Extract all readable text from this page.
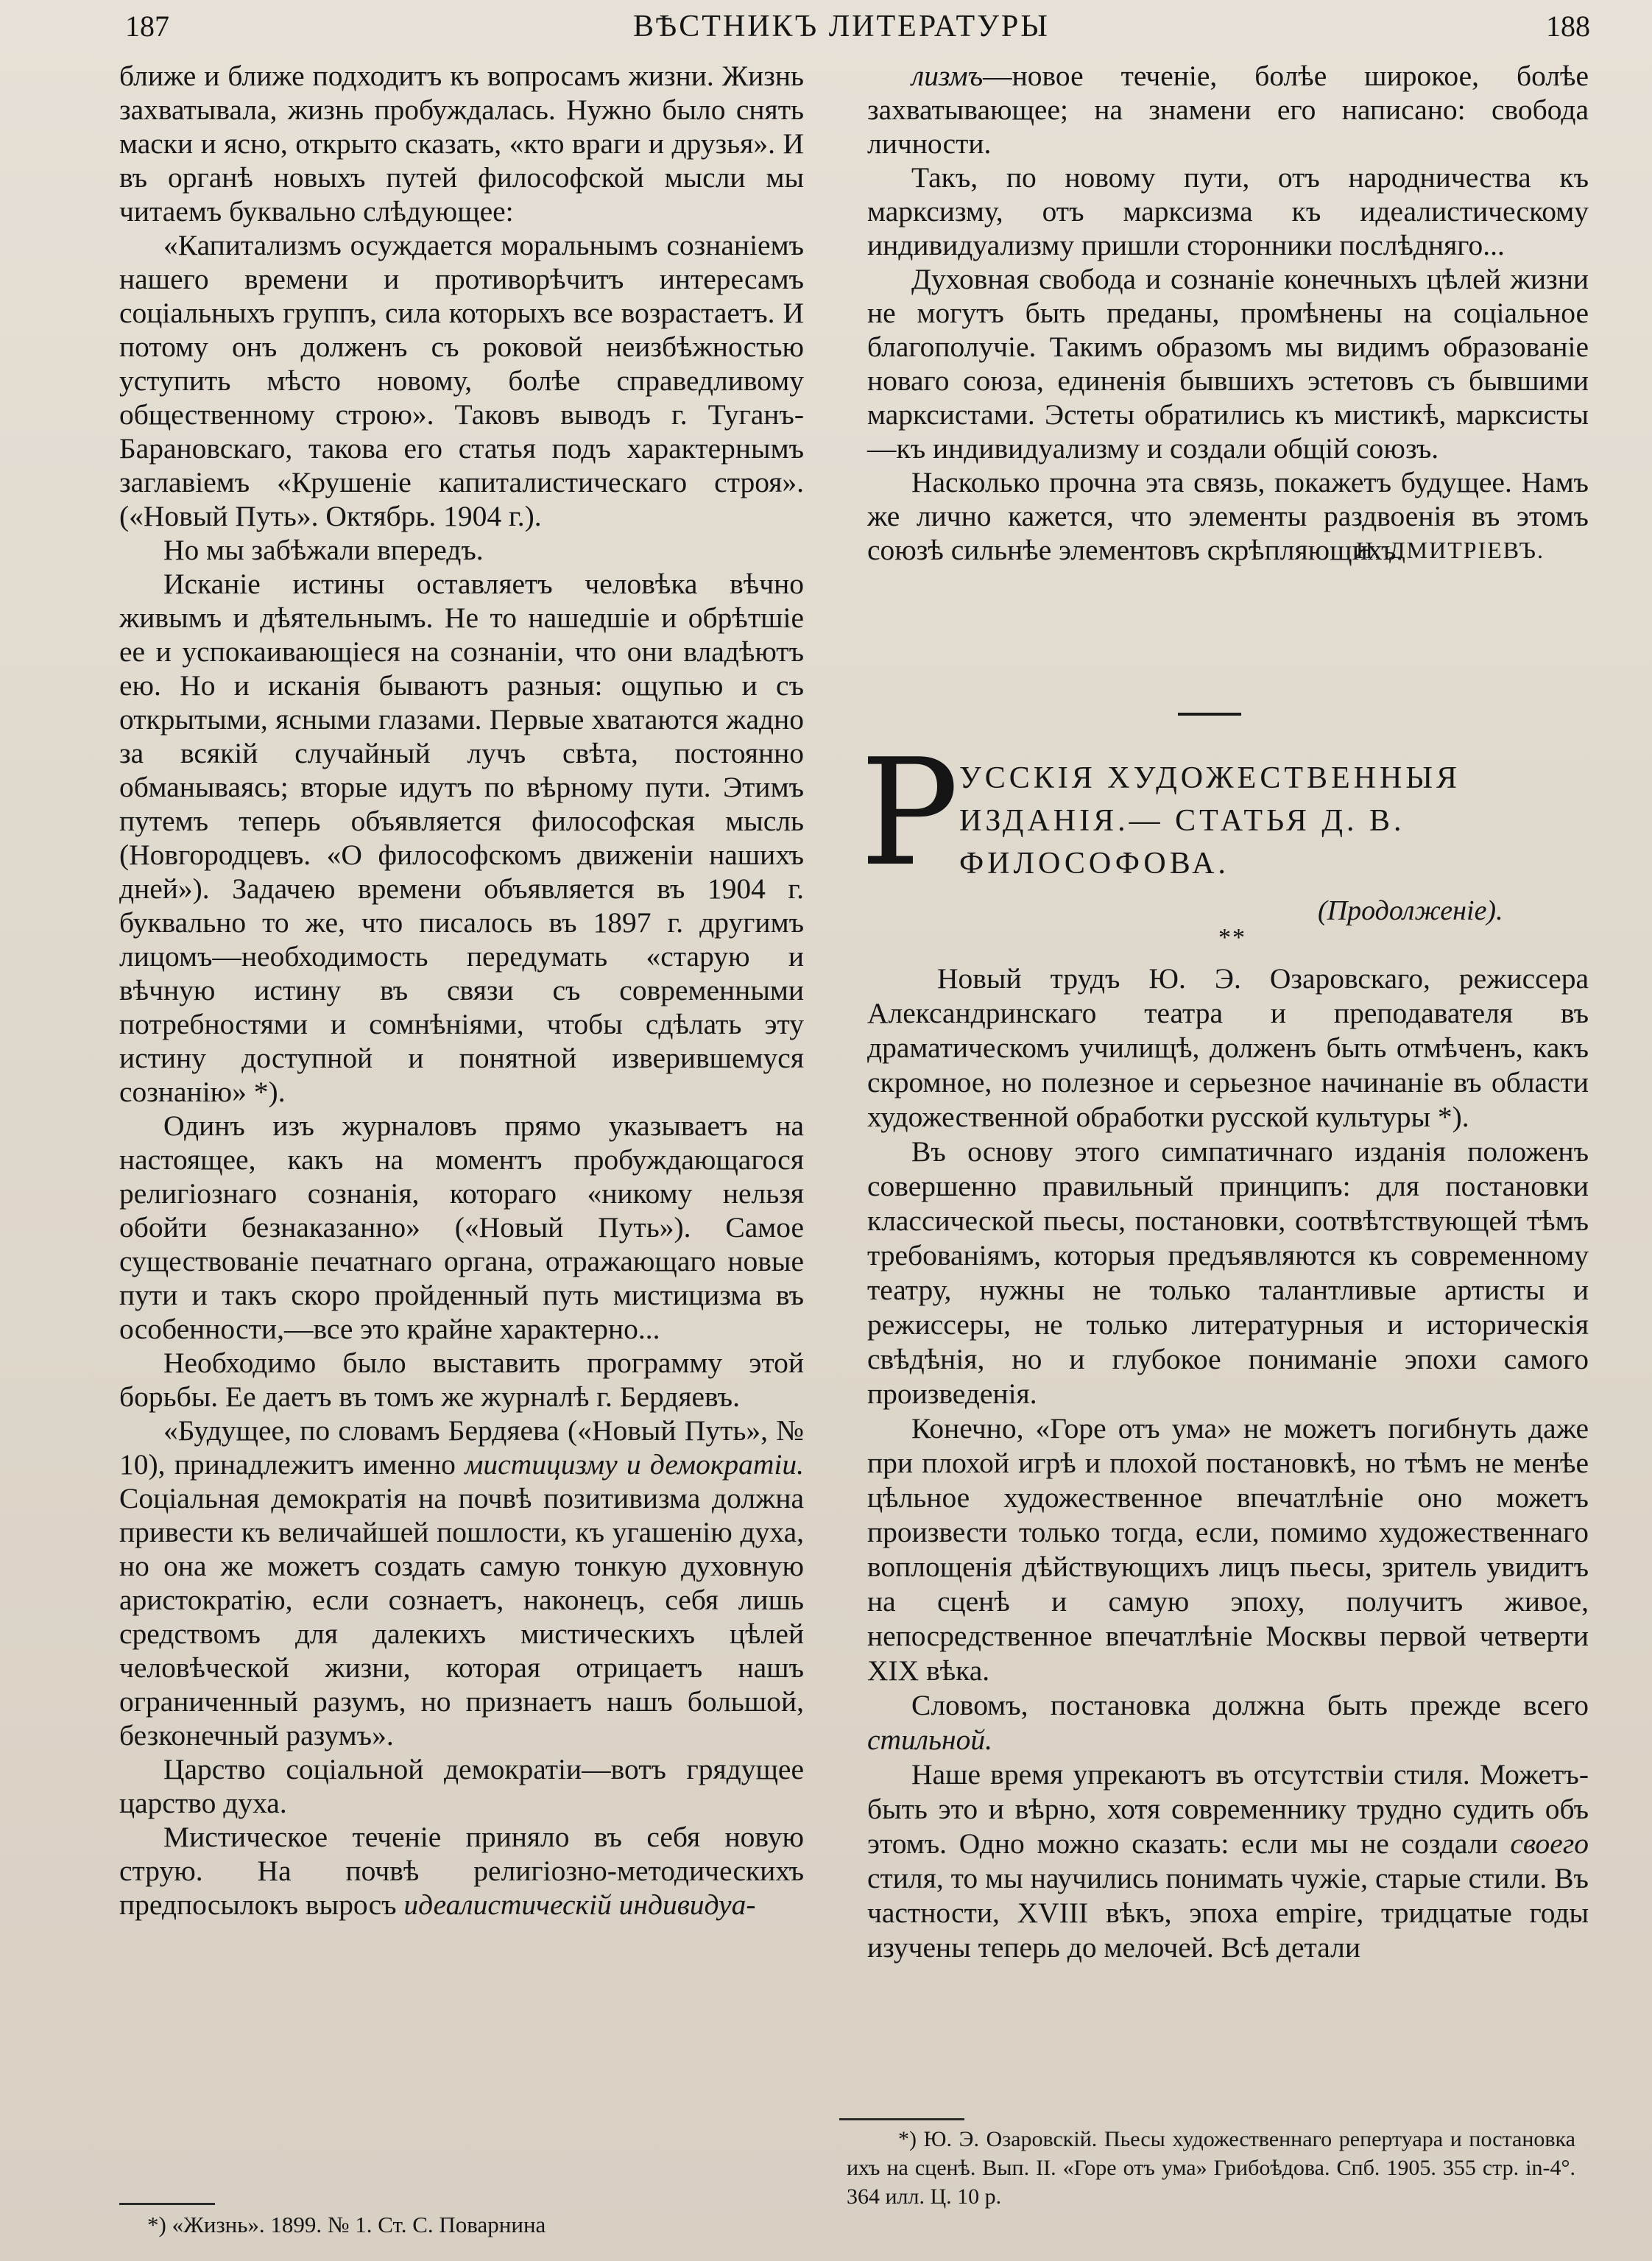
187	ВѢСТНИКЪ ЛИТЕРАТУРЫ	188

ближе и ближе подходитъ къ вопросамъ жизни. Жизнь захватывала, жизнь пробуждалась. Нужно было снять маски и ясно, открыто сказать, «кто враги и друзья». И въ органѣ новыхъ путей философской мысли мы читаемъ буквально слѣдующее:

«Капитализмъ осуждается моральнымъ сознаніемъ нашего времени и противорѣчитъ интересамъ соціальныхъ группъ, сила которыхъ все возрастаетъ. И потому онъ долженъ съ роковой неизбѣжностью уступить мѣсто новому, болѣе справедливому общественному строю». Таковъ выводъ г. Туганъ-Барановскаго, такова его статья подъ характернымъ заглавіемъ «Крушеніе капиталистическаго строя». («Новый Путь». Октябрь. 1904 г.).

Но мы забѣжали впередъ.

Исканіе истины оставляетъ человѣка вѣчно живымъ и дѣятельнымъ. Не то нашедшіе и обрѣтшіе ее и успокаивающіеся на сознаніи, что они владѣютъ ею. Но и исканія бываютъ разныя: ощупью и съ открытыми, ясными глазами. Первые хватаются жадно за всякій случайный лучъ свѣта, постоянно обманываясь; вторые идутъ по вѣрному пути. Этимъ путемъ теперь объявляется философская мысль (Новгородцевъ. «О философскомъ движеніи нашихъ дней»). Задачею времени объявляется въ 1904 г. буквально то же, что писалось въ 1897 г. другимъ лицомъ—необходимость передумать «старую и вѣчную истину въ связи съ современными потребностями и сомнѣніями, чтобы сдѣлать эту истину доступной и понятной изверившемуся сознанію» *).

Одинъ изъ журналовъ прямо указываетъ на настоящее, какъ на моментъ пробуждающагося религіознаго сознанія, котораго «никому нельзя обойти безнаказанно» («Новый Путь»). Самое существованіе печатнаго органа, отражающаго новые пути и такъ скоро пройденный путь мистицизма въ особенности,—все это крайне характерно...

Необходимо было выставить программу этой борьбы. Ее даетъ въ томъ же журналѣ г. Бердяевъ.

«Будущее, по словамъ Бердяева («Новый Путь», № 10), принадлежитъ именно мистицизму и демократіи. Соціальная демократія на почвѣ позитивизма должна привести къ величайшей пошлости, къ угашенію духа, но она же можетъ создать самую тонкую духовную аристократію, если сознаетъ, наконецъ, себя лишь средствомъ для далекихъ мистическихъ цѣлей человѣческой жизни, которая отрицаетъ нашъ ограниченный разумъ, но признаетъ нашъ большой, безконечный разумъ».

Царство соціальной демократіи—вотъ грядущее царство духа.

Мистическое теченіе приняло въ себя новую струю. На почвѣ религіозно-методическихъ предпосылокъ выросъ идеалистическій индивидуа-

лизмъ—новое теченіе, болѣе широкое, болѣе захватывающее; на знамени его написано: свобода личности.

Такъ, по новому пути, отъ народничества къ марксизму, отъ марксизма къ идеалистическому индивидуализму пришли сторонники послѣдняго...

Духовная свобода и сознаніе конечныхъ цѣлей жизни не могутъ быть преданы, промѣнены на соціальное благополучіе. Такимъ образомъ мы видимъ образованіе новаго союза, единенія бывшихъ эстетовъ съ бывшими марксистами. Эстеты обратились къ мистикѣ, марксисты—къ индивидуализму и создали общій союзъ.

Насколько прочна эта связь, покажетъ будущее. Намъ же лично кажется, что элементы раздвоенія въ этомъ союзѣ сильнѣе элементовъ скрѣпляющихъ.

Н. ДМИТРІЕВЪ.

Р УССКІЯ ХУДОЖЕСТВЕННЫЯ ИЗДАНІЯ.— СТАТЬЯ Д. В. ФИЛОСОФОВА.
(Продолженіе).
**

Новый трудъ Ю. Э. Озаровскаго, режиссера Александринскаго театра и преподавателя въ драматическомъ училищѣ, долженъ быть отмѣченъ, какъ скромное, но полезное и серьезное начинаніе въ области художественной обработки русской культуры *).

Въ основу этого симпатичнаго изданія положенъ совершенно правильный принципъ: для постановки классической пьесы, постановки, соотвѣтствующей тѣмъ требованіямъ, которыя предъявляются къ современному театру, нужны не только талантливые артисты и режиссеры, не только литературныя и историческія свѣдѣнія, но и глубокое пониманіе эпохи самого произведенія.

Конечно, «Горе отъ ума» не можетъ погибнуть даже при плохой игрѣ и плохой постановкѣ, но тѣмъ не менѣе цѣльное художественное впечатлѣніе оно можетъ произвести только тогда, если, помимо художественнаго воплощенія дѣйствующихъ лицъ пьесы, зритель увидитъ на сценѣ и самую эпоху, получитъ живое, непосредственное впечатлѣніе Москвы первой четверти XIX вѣка.

Словомъ, постановка должна быть прежде всего стильной.

Наше время упрекаютъ въ отсутствіи стиля. Можетъ-быть это и вѣрно, хотя современнику трудно судить объ этомъ. Одно можно сказать: если мы не создали своего стиля, то мы научились понимать чужіе, старые стили. Въ частности, XVIII вѣкъ, эпоха empire, тридцатые годы изучены теперь до мелочей. Всѣ детали

*) Ю. Э. Озаровскій. Пьесы художественнаго репертуара и постановка ихъ на сценѣ. Вып. II. «Горе отъ ума» Грибоѣдова. Спб. 1905. 355 стр. in-4°. 364 илл. Ц. 10 р.
*) «Жизнь». 1899. № 1. Ст. С. Поварнина
